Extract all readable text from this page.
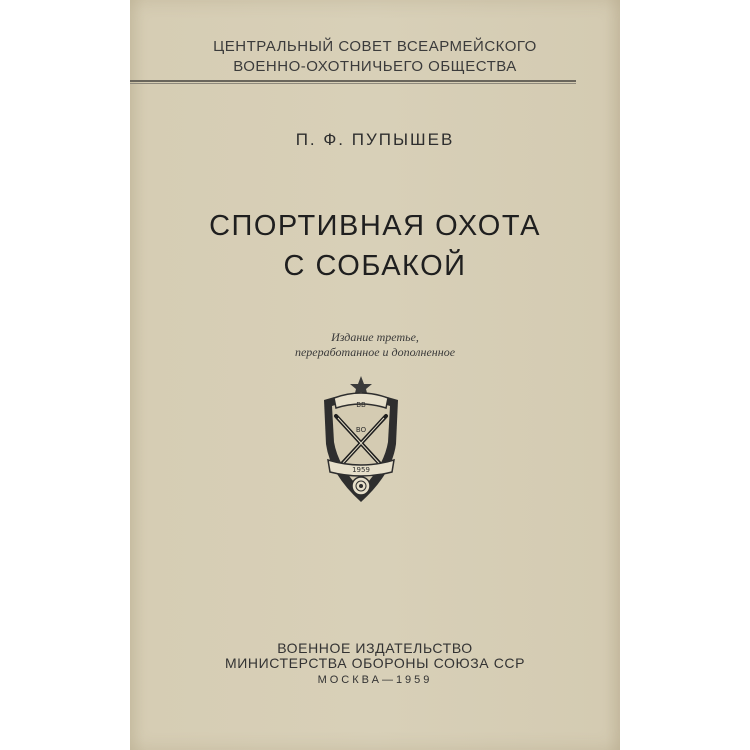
ЦЕНТРАЛЬНЫЙ СОВЕТ ВСЕАРМЕЙСКОГО
ВОЕННО-ОХОТНИЧЬЕГО ОБЩЕСТВА
П. Ф. ПУПЫШЕВ
СПОРТИВНАЯ ОХОТА
С СОБАКОЙ
Издание третье,
переработанное и дополненное
ВВ
ВО
1959
ВОЕННОЕ ИЗДАТЕЛЬСТВО
МИНИСТЕРСТВА ОБОРОНЫ СОЮЗА ССР
МОСКВА—1959
